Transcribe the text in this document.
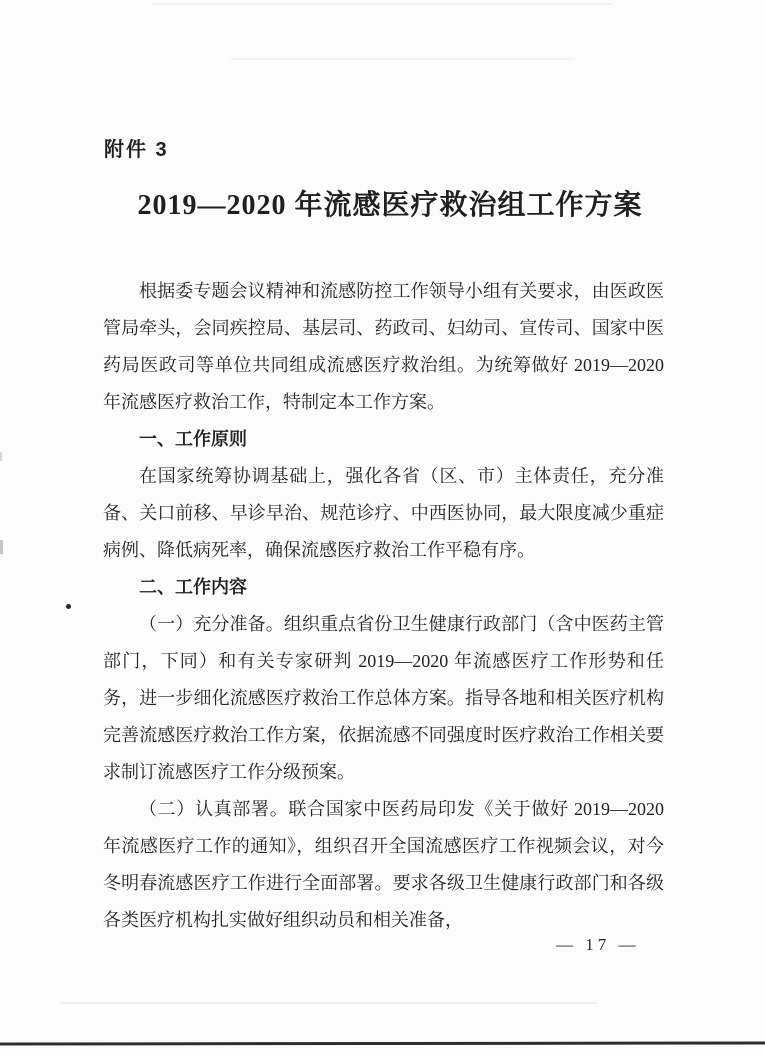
附件 3
2019—2020 年流感医疗救治组工作方案

根据委专题会议精神和流感防控工作领导小组有关要求，由医政医管局牵头，会同疾控局、基层司、药政司、妇幼司、宣传司、国家中医药局医政司等单位共同组成流感医疗救治组。为统筹做好 2019—2020 年流感医疗救治工作，特制定本工作方案。

一、工作原则

在国家统筹协调基础上，强化各省（区、市）主体责任，充分准备、关口前移、早诊早治、规范诊疗、中西医协同，最大限度减少重症病例、降低病死率，确保流感医疗救治工作平稳有序。

二、工作内容

（一）充分准备。组织重点省份卫生健康行政部门（含中医药主管部门，下同）和有关专家研判 2019—2020 年流感医疗工作形势和任务，进一步细化流感医疗救治工作总体方案。指导各地和相关医疗机构完善流感医疗救治工作方案，依据流感不同强度时医疗救治工作相关要求制订流感医疗工作分级预案。

（二）认真部署。联合国家中医药局印发《关于做好 2019—2020 年流感医疗工作的通知》，组织召开全国流感医疗工作视频会议，对今冬明春流感医疗工作进行全面部署。要求各级卫生健康行政部门和各级各类医疗机构扎实做好组织动员和相关准备，

— 17 —
